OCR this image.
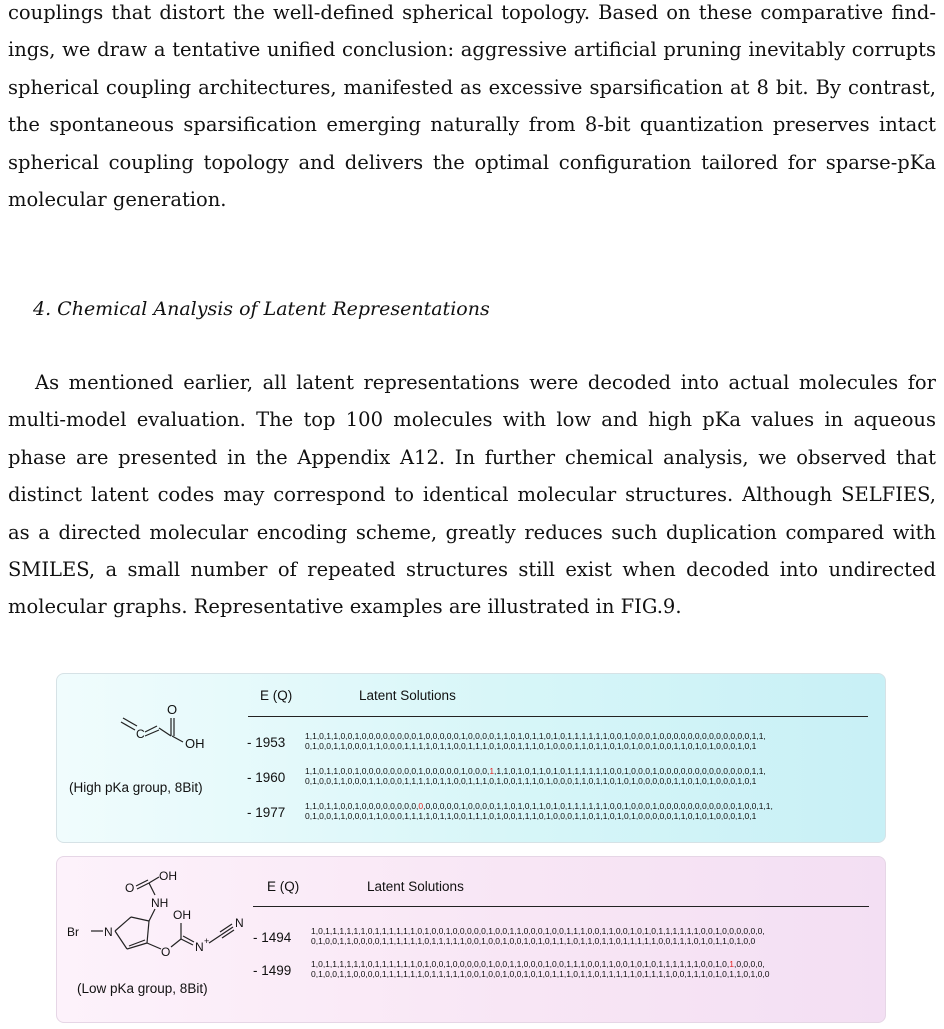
couplings that distort the well-defined spherical topology. Based on these comparative find-
ings, we draw a tentative unified conclusion: aggressive artificial pruning inevitably corrupts
spherical coupling architectures, manifested as excessive sparsification at 8 bit. By contrast,
the spontaneous sparsification emerging naturally from 8-bit quantization preserves intact
spherical coupling topology and delivers the optimal configuration tailored for sparse-pKa
molecular generation.
4. Chemical Analysis of Latent Representations
As mentioned earlier, all latent representations were decoded into actual molecules for
multi-model evaluation. The top 100 molecules with low and high pKa values in aqueous
phase are presented in the Appendix A12. In further chemical analysis, we observed that
distinct latent codes may correspond to identical molecular structures. Although SELFIES,
as a directed molecular encoding scheme, greatly reduces such duplication compared with
SMILES, a small number of repeated structures still exist when decoded into undirected
molecular graphs. Representative examples are illustrated in FIG.9.
O
C
OH
(High pKa group, 8Bit)
E (Q)	Latent Solutions
- 1953 1,1,0,1,1,0,0,1,0,0,0,0,0,0,0,0,1,0,0,0,0,0,1,0,0,0,0,1,1,0,1,0,1,1,0,1,0,1,1,1,1,1,1,0,0,1,0,0,0,1,0,0,0,0,0,0,0,0,0,0,0,0,0,1,1,
0,1,0,0,1,1,0,0,0,1,1,0,0,0,1,1,1,1,0,1,1,0,0,1,1,1,0,1,0,0,1,1,1,0,1,0,0,0,1,1,0,1,1,0,1,0,1,0,0,1,0,0,1,1,0,1,0,1,0,0,0,1,0,1
- 1960 1,1,0,1,1,0,0,1,0,0,0,0,0,0,0,0,1,0,0,0,0,0,1,0,0,0,1,1,1,0,1,0,1,1,0,1,0,1,1,1,1,1,1,0,0,1,0,0,0,1,0,0,0,0,0,0,0,0,0,0,0,0,0,1,1,
0,1,0,0,1,1,0,0,0,1,1,0,0,0,1,1,1,1,0,1,1,0,0,1,1,1,0,1,0,0,1,1,1,0,1,0,0,0,1,1,0,1,1,0,1,0,1,0,0,0,0,0,1,1,0,1,0,1,0,0,0,1,0,1
- 1977 1,1,0,1,1,0,0,1,0,0,0,0,0,0,0,0,0,0,0,0,0,0,1,0,0,0,0,1,1,0,1,0,1,1,0,1,0,1,1,1,1,1,1,0,0,1,0,0,0,1,0,0,0,0,0,0,0,0,0,0,0,1,0,0,1,1,
0,1,0,0,1,1,0,0,0,1,1,0,0,0,1,1,1,1,0,1,1,0,0,1,1,1,0,1,0,0,1,1,1,0,1,0,0,0,1,1,0,1,1,0,1,0,1,0,0,0,0,0,1,1,0,1,0,1,0,0,0,1,0,1
O
OH
NH
OH
Br N
O N +
N
(Low pKa group, 8Bit)
E (Q)	Latent Solutions
- 1494 1,0,1,1,1,1,1,1,0,1,1,1,1,1,1,0,1,0,0,1,0,0,0,0,0,1,0,0,1,1,0,0,0,1,0,0,1,1,1,0,0,1,1,0,0,1,0,1,0,1,1,1,1,1,1,0,0,1,0,0,0,0,0,0,
0,1,0,0,1,1,0,0,0,0,1,1,1,1,1,1,0,1,1,1,1,1,0,0,1,0,0,1,0,0,1,0,1,0,1,1,1,0,1,1,0,1,1,0,1,1,1,1,1,0,0,1,1,1,0,1,0,1,1,0,1,0,0
- 1499 1,0,1,1,1,1,1,1,0,1,1,1,1,1,1,0,1,0,0,1,0,0,0,0,0,1,0,0,1,1,0,0,0,1,0,0,1,1,1,0,0,1,1,0,0,1,0,1,0,1,1,1,1,1,1,0,0,1,0,1,0,0,0,0,
0,1,0,0,1,1,0,0,0,0,1,1,1,1,1,1,0,1,1,1,1,1,0,0,1,0,0,1,0,0,1,0,1,0,1,1,1,0,1,1,0,1,1,1,1,1,0,1,1,1,1,0,0,1,1,1,0,1,0,1,1,0,1,0,0
